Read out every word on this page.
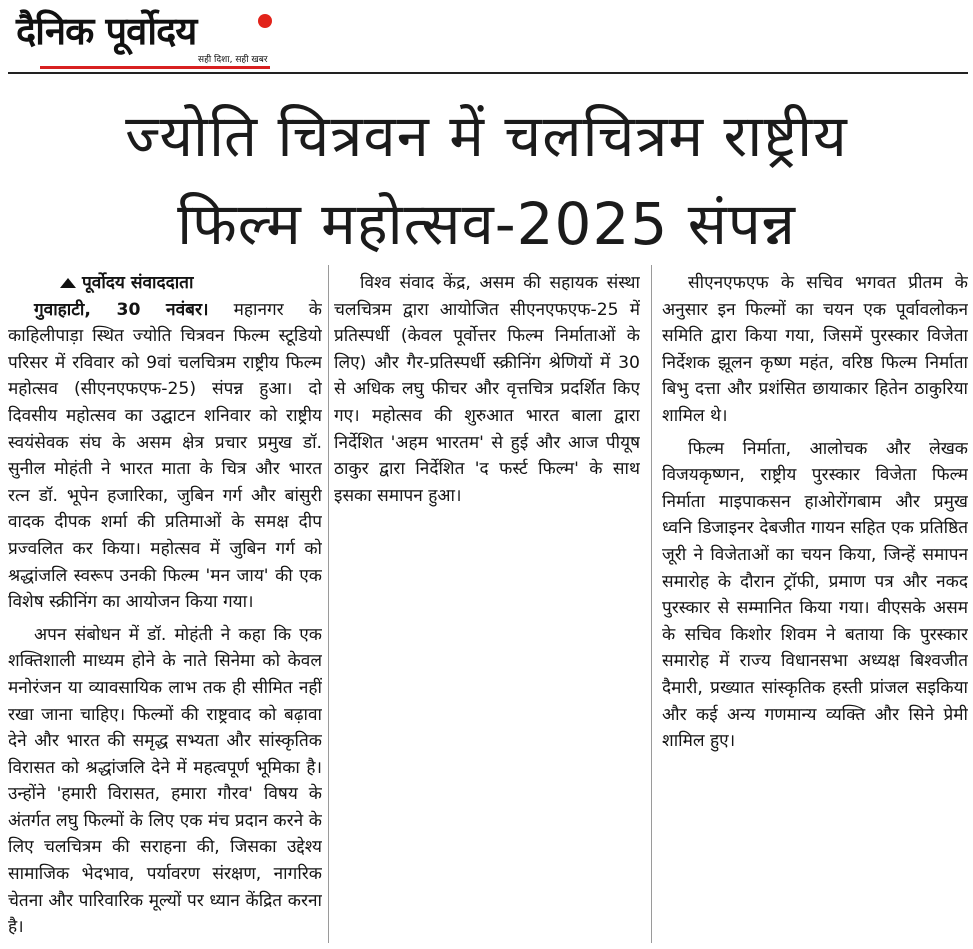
दैनिक पूर्वोदय
सही दिशा, सही खबर
ज्योति चित्रवन में चलचित्रम राष्ट्रीय
फिल्म महोत्सव-2025 संपन्न
पूर्वोदय संवाददाता

गुवाहाटी, 30 नवंबर। महानगर के काहिलीपाड़ा स्थित ज्योति चित्रवन फिल्म स्टूडियो परिसर में रविवार को 9वां चलचित्रम राष्ट्रीय फिल्म महोत्सव (सीएनएफएफ-25) संपन्न हुआ। दो दिवसीय महोत्सव का उद्घाटन शनिवार को राष्ट्रीय स्वयंसेवक संघ के असम क्षेत्र प्रचार प्रमुख डॉ. सुनील मोहंती ने भारत माता के चित्र और भारत रत्न डॉ. भूपेन हजारिका, जुबिन गर्ग और बांसुरी वादक दीपक शर्मा की प्रतिमाओं के समक्ष दीप प्रज्वलित कर किया। महोत्सव में जुबिन गर्ग को श्रद्धांजलि स्वरूप उनकी फिल्म 'मन जाय' की एक विशेष स्क्रीनिंग का आयोजन किया गया।

अपन संबोधन में डॉ. मोहंती ने कहा कि एक शक्तिशाली माध्यम होने के नाते सिनेमा को केवल मनोरंजन या व्यावसायिक लाभ तक ही सीमित नहीं रखा जाना चाहिए। फिल्मों की राष्ट्रवाद को बढ़ावा देने और भारत की समृद्ध सभ्यता और सांस्कृतिक विरासत को श्रद्धांजलि देने में महत्वपूर्ण भूमिका है। उन्होंने 'हमारी विरासत, हमारा गौरव' विषय के अंतर्गत लघु फिल्मों के लिए एक मंच प्रदान करने के लिए चलचित्रम की सराहना की, जिसका उद्देश्य सामाजिक भेदभाव, पर्यावरण संरक्षण, नागरिक चेतना और पारिवारिक मूल्यों पर ध्यान केंद्रित करना है।

विश्व संवाद केंद्र, असम की सहायक संस्था चलचित्रम द्वारा आयोजित सीएनएफएफ-25 में प्रतिस्पर्धी (केवल पूर्वोत्तर फिल्म निर्माताओं के लिए) और गैर-प्रतिस्पर्धी स्क्रीनिंग श्रेणियों में 30 से अधिक लघु फीचर और वृत्तचित्र प्रदर्शित किए गए। महोत्सव की शुरुआत भारत बाला द्वारा निर्देशित 'अहम भारतम' से हुई और आज पीयूष ठाकुर द्वारा निर्देशित 'द फर्स्ट फिल्म' के साथ इसका समापन हुआ।

सीएनएफएफ के सचिव भगवत प्रीतम के अनुसार इन फिल्मों का चयन एक पूर्वावलोकन समिति द्वारा किया गया, जिसमें पुरस्कार विजेता निर्देशक झूलन कृष्ण महंत, वरिष्ठ फिल्म निर्माता बिभु दत्ता और प्रशंसित छायाकार हितेन ठाकुरिया शामिल थे।

फिल्म निर्माता, आलोचक और लेखक विजयकृष्णन, राष्ट्रीय पुरस्कार विजेता फिल्म निर्माता माइपाकसन हाओरोंगबाम और प्रमुख ध्वनि डिजाइनर देबजीत गायन सहित एक प्रतिष्ठित जूरी ने विजेताओं का चयन किया, जिन्हें समापन समारोह के दौरान ट्रॉफी, प्रमाण पत्र और नकद पुरस्कार से सम्मानित किया गया। वीएसके असम के सचिव किशोर शिवम ने बताया कि पुरस्कार समारोह में राज्य विधानसभा अध्यक्ष बिश्वजीत दैमारी, प्रख्यात सांस्कृतिक हस्ती प्रांजल सइकिया और कई अन्य गणमान्य व्यक्ति और सिने प्रेमी शामिल हुए।
